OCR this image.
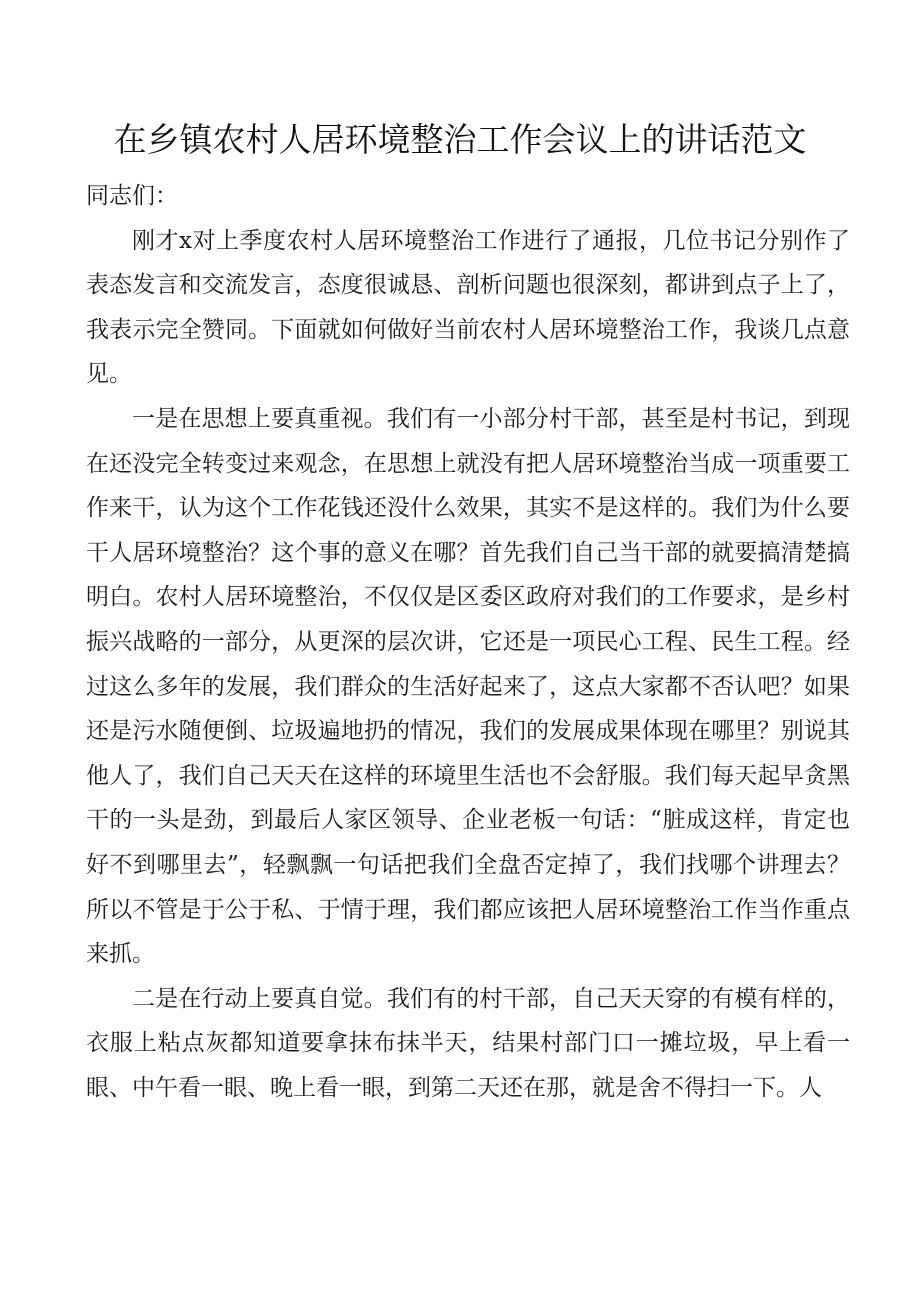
在乡镇农村人居环境整治工作会议上的讲话范文

同志们：

刚才x对上季度农村人居环境整治工作进行了通报，几位书记分别作了表态发言和交流发言，态度很诚恳、剖析问题也很深刻，都讲到点子上了，我表示完全赞同。下面就如何做好当前农村人居环境整治工作，我谈几点意见。

一是在思想上要真重视。我们有一小部分村干部，甚至是村书记，到现在还没完全转变过来观念，在思想上就没有把人居环境整治当成一项重要工作来干，认为这个工作花钱还没什么效果，其实不是这样的。我们为什么要干人居环境整治？这个事的意义在哪？首先我们自己当干部的就要搞清楚搞明白。农村人居环境整治，不仅仅是区委区政府对我们的工作要求，是乡村振兴战略的一部分，从更深的层次讲，它还是一项民心工程、民生工程。经过这么多年的发展，我们群众的生活好起来了，这点大家都不否认吧？如果还是污水随便倒、垃圾遍地扔的情况，我们的发展成果体现在哪里？别说其他人了，我们自己天天在这样的环境里生活也不会舒服。我们每天起早贪黑干的一头是劲，到最后人家区领导、企业老板一句话：“脏成这样，肯定也好不到哪里去”，轻飘飘一句话把我们全盘否定掉了，我们找哪个讲理去？所以不管是于公于私、于情于理，我们都应该把人居环境整治工作当作重点来抓。

二是在行动上要真自觉。我们有的村干部，自己天天穿的有模有样的，衣服上粘点灰都知道要拿抹布抹半天，结果村部门口一摊垃圾，早上看一眼、中午看一眼、晚上看一眼，到第二天还在那，就是舍不得扫一下。人
